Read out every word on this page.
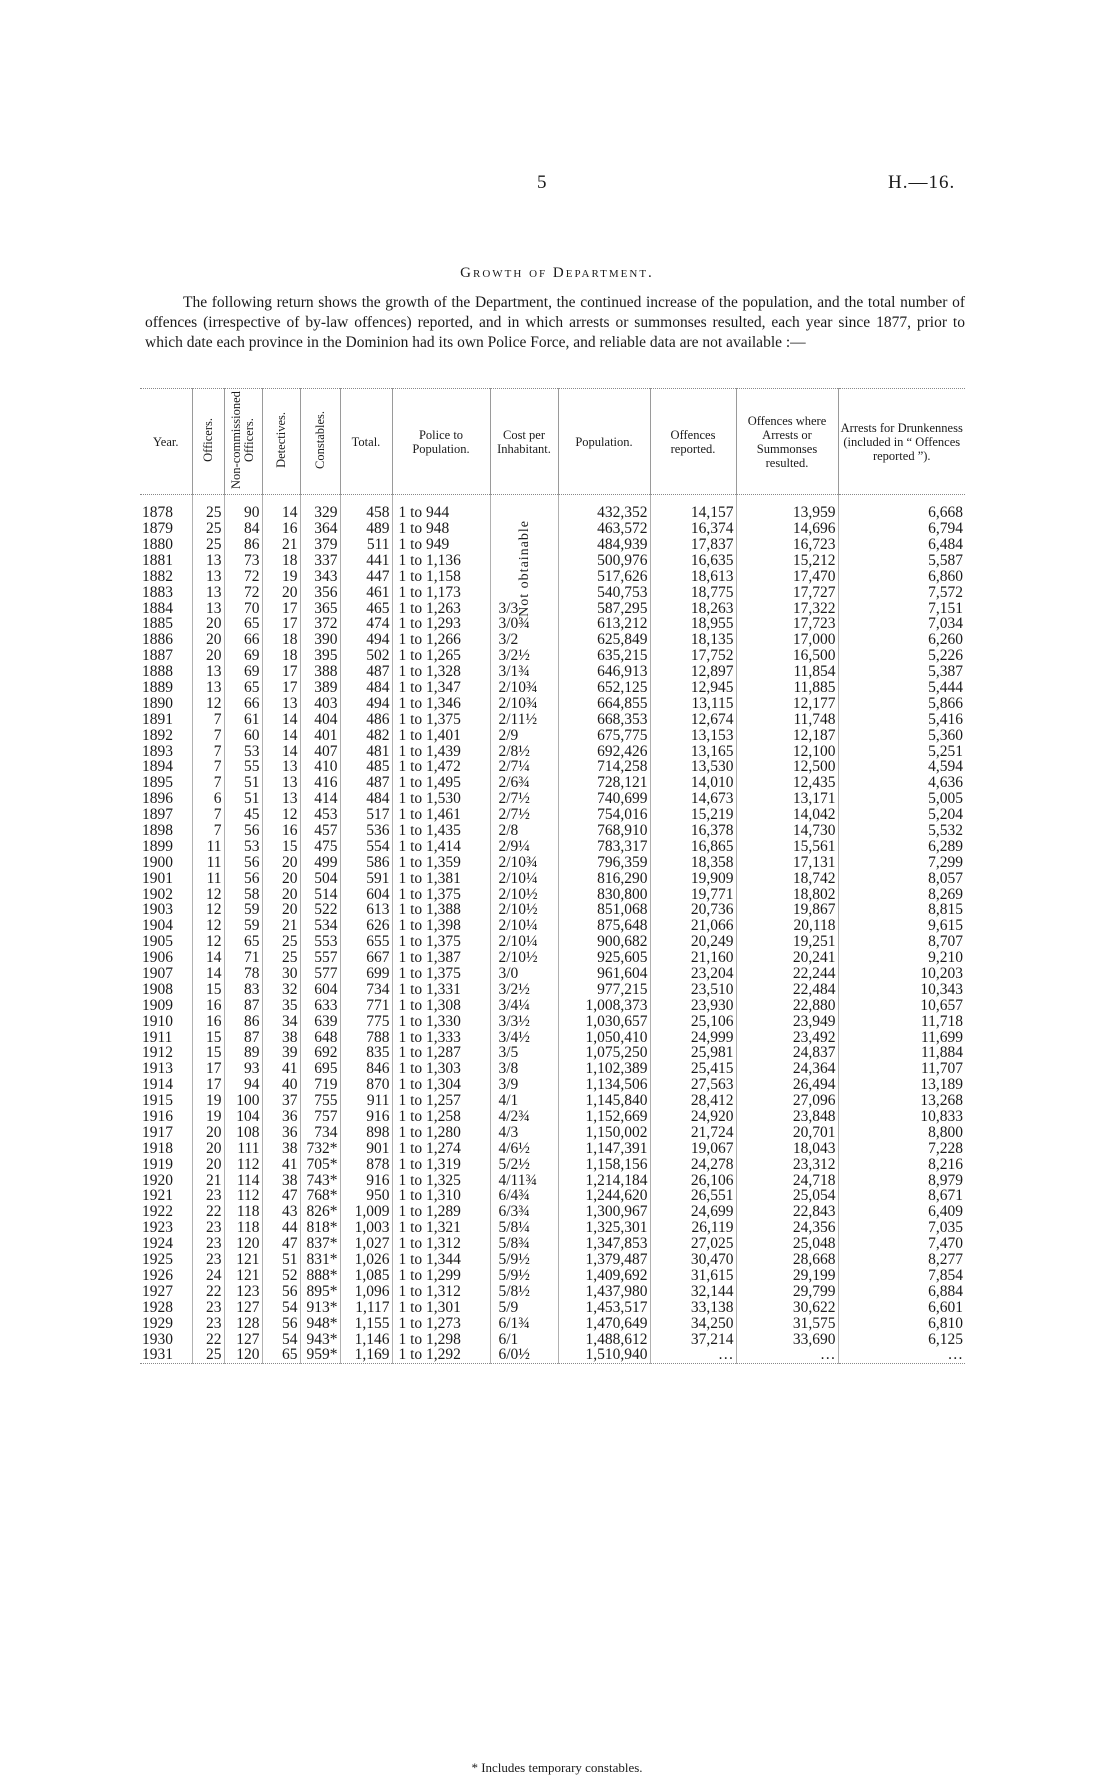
5	H.—16.
Growth of Department.
The following return shows the growth of the Department, the continued increase of the population, and the total number of offences (irrespective of by-law offences) reported, and in which arrests or summonses resulted, each year since 1877, prior to which date each province in the Dominion had its own Police Force, and reliable data are not available :—
Year.	Officers.	Non-commissioned Officers.	Detectives.	Constables.	Total.	Police to Population.	Cost per Inhabitant.	Population.	Offences reported.	Offences where Arrests or Summonses resulted.	Arrests for Drunkenness (included in “ Offences reported ”).
1878	25	90	14	329	458	1 to 944		432,352	14,157	13,959	6,668
1879	25	84	16	364	489	1 to 948		463,572	16,374	14,696	6,794
1880	25	86	21	379	511	1 to 949		484,939	17,837	16,723	6,484
1881	13	73	18	337	441	1 to 1,136		500,976	16,635	15,212	5,587
1882	13	72	19	343	447	1 to 1,158		517,626	18,613	17,470	6,860
1883	13	72	20	356	461	1 to 1,173		540,753	18,775	17,727	7,572
1884	13	70	17	365	465	1 to 1,263	3/3	587,295	18,263	17,322	7,151
1885	20	65	17	372	474	1 to 1,293	3/0¾	613,212	18,955	17,723	7,034
1886	20	66	18	390	494	1 to 1,266	3/2	625,849	18,135	17,000	6,260
1887	20	69	18	395	502	1 to 1,265	3/2½	635,215	17,752	16,500	5,226
1888	13	69	17	388	487	1 to 1,328	3/1¾	646,913	12,897	11,854	5,387
1889	13	65	17	389	484	1 to 1,347	2/10¾	652,125	12,945	11,885	5,444
1890	12	66	13	403	494	1 to 1,346	2/10¾	664,855	13,115	12,177	5,866
1891	7	61	14	404	486	1 to 1,375	2/11½	668,353	12,674	11,748	5,416
1892	7	60	14	401	482	1 to 1,401	2/9	675,775	13,153	12,187	5,360
1893	7	53	14	407	481	1 to 1,439	2/8½	692,426	13,165	12,100	5,251
1894	7	55	13	410	485	1 to 1,472	2/7¼	714,258	13,530	12,500	4,594
1895	7	51	13	416	487	1 to 1,495	2/6¾	728,121	14,010	12,435	4,636
1896	6	51	13	414	484	1 to 1,530	2/7½	740,699	14,673	13,171	5,005
1897	7	45	12	453	517	1 to 1,461	2/7½	754,016	15,219	14,042	5,204
1898	7	56	16	457	536	1 to 1,435	2/8	768,910	16,378	14,730	5,532
1899	11	53	15	475	554	1 to 1,414	2/9¼	783,317	16,865	15,561	6,289
1900	11	56	20	499	586	1 to 1,359	2/10¾	796,359	18,358	17,131	7,299
1901	11	56	20	504	591	1 to 1,381	2/10¼	816,290	19,909	18,742	8,057
1902	12	58	20	514	604	1 to 1,375	2/10½	830,800	19,771	18,802	8,269
1903	12	59	20	522	613	1 to 1,388	2/10½	851,068	20,736	19,867	8,815
1904	12	59	21	534	626	1 to 1,398	2/10¼	875,648	21,066	20,118	9,615
1905	12	65	25	553	655	1 to 1,375	2/10¼	900,682	20,249	19,251	8,707
1906	14	71	25	557	667	1 to 1,387	2/10½	925,605	21,160	20,241	9,210
1907	14	78	30	577	699	1 to 1,375	3/0	961,604	23,204	22,244	10,203
1908	15	83	32	604	734	1 to 1,331	3/2½	977,215	23,510	22,484	10,343
1909	16	87	35	633	771	1 to 1,308	3/4¼	1,008,373	23,930	22,880	10,657
1910	16	86	34	639	775	1 to 1,330	3/3½	1,030,657	25,106	23,949	11,718
1911	15	87	38	648	788	1 to 1,333	3/4½	1,050,410	24,999	23,492	11,699
1912	15	89	39	692	835	1 to 1,287	3/5	1,075,250	25,981	24,837	11,884
1913	17	93	41	695	846	1 to 1,303	3/8	1,102,389	25,415	24,364	11,707
1914	17	94	40	719	870	1 to 1,304	3/9	1,134,506	27,563	26,494	13,189
1915	19	100	37	755	911	1 to 1,257	4/1	1,145,840	28,412	27,096	13,268
1916	19	104	36	757	916	1 to 1,258	4/2¾	1,152,669	24,920	23,848	10,833
1917	20	108	36	734	898	1 to 1,280	4/3	1,150,002	21,724	20,701	8,800
1918	20	111	38	732*	901	1 to 1,274	4/6½	1,147,391	19,067	18,043	7,228
1919	20	112	41	705*	878	1 to 1,319	5/2½	1,158,156	24,278	23,312	8,216
1920	21	114	38	743*	916	1 to 1,325	4/11¾	1,214,184	26,106	24,718	8,979
1921	23	112	47	768*	950	1 to 1,310	6/4¾	1,244,620	26,551	25,054	8,671
1922	22	118	43	826*	1,009	1 to 1,289	6/3¾	1,300,967	24,699	22,843	6,409
1923	23	118	44	818*	1,003	1 to 1,321	5/8¼	1,325,301	26,119	24,356	7,035
1924	23	120	47	837*	1,027	1 to 1,312	5/8¾	1,347,853	27,025	25,048	7,470
1925	23	121	51	831*	1,026	1 to 1,344	5/9½	1,379,487	30,470	28,668	8,277
1926	24	121	52	888*	1,085	1 to 1,299	5/9½	1,409,692	31,615	29,199	7,854
1927	22	123	56	895*	1,096	1 to 1,312	5/8½	1,437,980	32,144	29,799	6,884
1928	23	127	54	913*	1,117	1 to 1,301	5/9	1,453,517	33,138	30,622	6,601
1929	23	128	56	948*	1,155	1 to 1,273	6/1¾	1,470,649	34,250	31,575	6,810
1930	22	127	54	943*	1,146	1 to 1,298	6/1	1,488,612	37,214	33,690	6,125
1931	25	120	65	959*	1,169	1 to 1,292	6/0½	1,510,940	…	…	…

Not obtainable
* Includes temporary constables.
